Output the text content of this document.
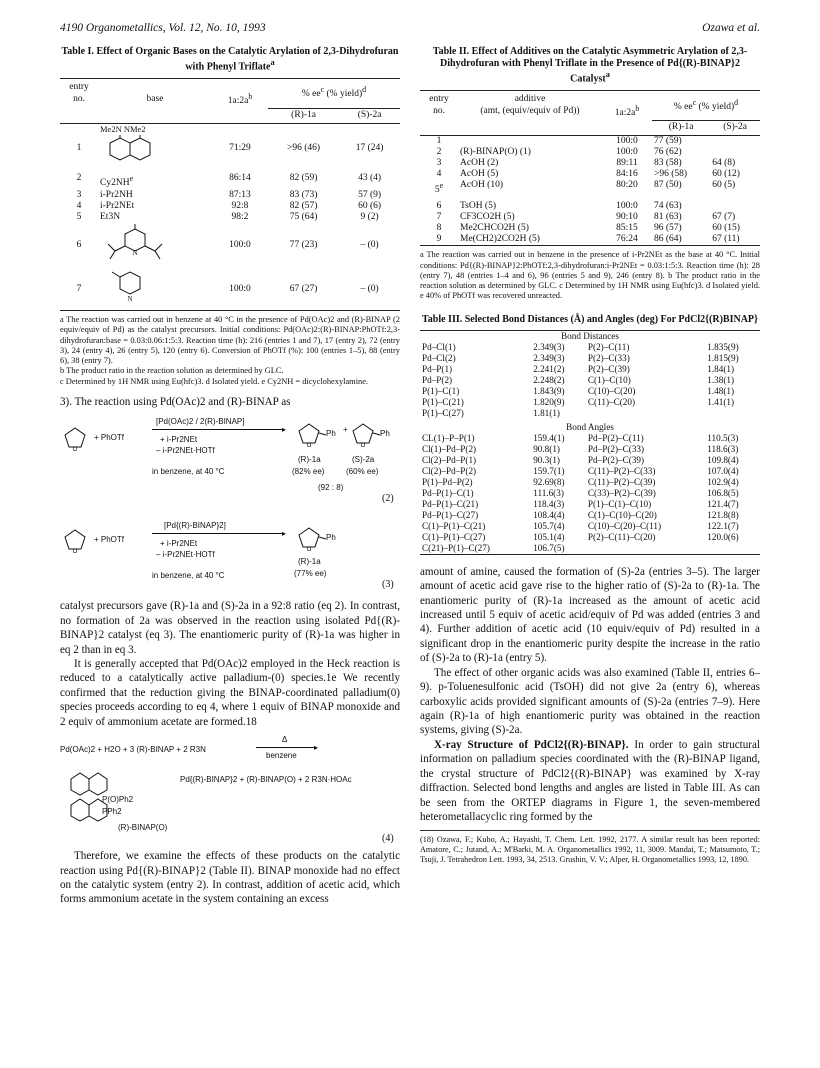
4190 Organometallics, Vol. 12, No. 10, 1993	Ozawa et al.
Table I. Effect of Organic Bases on the Catalytic Arylation of 2,3-Dihydrofuran with Phenyl Triflate$^a$
entry
no.	base	$1a:2a^b$	% $ee^c$ (% yield)$^d$
			(R)-1a	(S)-2a
1	Me2N NMe2	71:29	>96 (46)	17 (24)
2	$Cy2NH^e$	86:14	82 (59)	43 (4)
3	i-Pr2NH	87:13	83 (73)	57 (9)
4	i-Pr2NEt	92:8	82 (57)	60 (6)
5	Et3N	98:2	75 (64)	9 (2)
6	N	100:0	77 (23)	– (0)
7	N	100:0	67 (27)	– (0)
a The reaction was carried out in benzene at 40 °C in the presence of Pd(OAc)2 and (R)-BINAP (2 equiv/equiv of Pd) as the catalyst precursors. Initial conditions: Pd(OAc)2:(R)-BINAP:PhOTf:2,3-dihydrofuran:base = 0.03:0.06:1:5:3. Reaction time (h): 216 (entries 1 and 7), 17 (entry 2), 72 (entry 3), 24 (entry 4), 26 (entry 5), 120 (entry 6). Conversion of PhOTf (%): 100 (entries 1–5), 88 (entry 6), 38 (entry 7).
b The product ratio in the reaction solution as determined by GLC.
c Determined by 1H NMR using Eu(hfc)3. d Isolated yield. e Cy2NH = dicyclohexylamine.

3). The reaction using Pd(OAc)2 and (R)-BINAP as

O
+ PhOTf
[Pd(OAc)2 / 2(R)-BINAP]
▸
+ i-Pr2NEt
– i-Pr2NEt·HOTf
in benzene, at 40 °C
O
Ph +
O
Ph
(R)-1a	(S)-2a
(82% ee)	(60% ee)
(92 : 8)
(2)
O
+ PhOTf
[Pd{(R)-BINAP}2]
▸
+ i-Pr2NEt
– i-Pr2NEt·HOTf
in benzene, at 40 °C
O
Ph
(R)-1a
(77% ee)
(3)

catalyst precursors gave (R)-1a and (S)-2a in a 92:8 ratio (eq 2). In contrast, no formation of 2a was observed in the reaction using isolated Pd{(R)-BINAP}2 catalyst (eq 3). The enantiomeric purity of (R)-1a was higher in eq 2 than in eq 3.

It is generally accepted that Pd(OAc)2 employed in the Heck reaction is reduced to a catalytically active palladium-(0) species.1e We recently confirmed that the reduction giving the BINAP-coordinated palladium(0) species proceeds according to eq 4, where 1 equiv of BINAP monoxide and 2 equiv of ammonium acetate are formed.18

Pd(OAc)2 + H2O + 3 (R)-BINAP + 2 R3N
Δ
▸
benzene
P(O)Ph2
PPh2
(R)-BINAP(O)
Pd{(R)-BINAP}2 + (R)-BINAP(O) + 2 R3N·HOAc
(4)

Therefore, we examine the effects of these products on the catalytic reaction using Pd{(R)-BINAP}2 (Table II). BINAP monoxide had no effect on the catalytic system (entry 2). In contrast, addition of acetic acid, which forms ammonium acetate in the system containing an excess

Table II. Effect of Additives on the Catalytic Asymmetric Arylation of 2,3-Dihydrofuran with Phenyl Triflate in the Presence of Pd{(R)-BINAP}2 Catalyst$^a$
entry
no.	additive
(amt, (equiv/equiv of Pd))	$1a:2a^b$	% $ee^c$ (% yield)$^d$
			(R)-1a	(S)-2a
1		100:0	77 (59)	
2	(R)-BINAP(O) (1)	100:0	76 (62)	
3	AcOH (2)	89:11	83 (58)	64 (8)
4	AcOH (5)	84:16	>96 (58)	60 (12)
5e	AcOH (10)	80:20	87 (50)	60 (5)
6	TsOH (5)	100:0	74 (63)	
7	CF3CO2H (5)	90:10	81 (63)	67 (7)
8	Me2CHCO2H (5)	85:15	96 (57)	60 (15)
9	Me(CH2)2CO2H (5)	76:24	86 (64)	67 (11)
a The reaction was carried out in benzene in the presence of i-Pr2NEt as the base at 40 °C. Initial conditions: Pd{(R)-BINAP}2:PhOTf:2,3-dihydrofuran:i-Pr2NEt = 0.03:1:5:3. Reaction time (h): 28 (entry 7), 48 (entries 1–4 and 6), 96 (entries 5 and 9), 246 (entry 8). b The product ratio in the reaction solution as determined by GLC. c Determined by 1H NMR using Eu(hfc)3. d Isolated yield. e 40% of PhOTf was recovered unreacted.
Table III. Selected Bond Distances (Å) and Angles (deg) For PdCl2{(R)BINAP}
Bond Distances			
Pd–Cl(1)	2.349(3)	P(2)–C(11)	1.835(9)
Pd–Cl(2)	2.349(3)	P(2)–C(33)	1.815(9)
Pd–P(1)	2.241(2)	P(2)–C(39)	1.84(1)
Pd–P(2)	2.248(2)	C(1)–C(10)	1.38(1)
P(1)–C(1)	1.843(9)	C(10)–C(20)	1.48(1)
P(1)–C(21)	1.820(9)	C(11)–C(20)	1.41(1)
P(1)–C(27)	1.81(1)		
Bond Angles			
CL(1)–P–P(1)	159.4(1)	Pd–P(2)–C(11)	110.5(3)
Cl(1)–Pd–P(2)	90.8(1)	Pd–P(2)–C(33)	118.6(3)
Cl(2)–Pd–P(1)	90.3(1)	Pd–P(2)–C(39)	109.8(4)
Cl(2)–Pd–P(2)	159.7(1)	C(11)–P(2)–C(33)	107.0(4)
P(1)–Pd–P(2)	92.69(8)	C(11)–P(2)–C(39)	102.9(4)
Pd–P(1)–C(1)	111.6(3)	C(33)–P(2)–C(39)	106.8(5)
Pd–P(1)–C(21)	118.4(3)	P(1)–C(1)–C(10)	121.4(7)
Pd–P(1)–C(27)	108.4(4)	C(1)–C(10)–C(20)	121.8(8)
C(1)–P(1)–C(21)	105.7(4)	C(10)–C(20)–C(11)	122.1(7)
C(1)–P(1)–C(27)	105.1(4)	P(2)–C(11)–C(20)	120.0(6)
C(21)–P(1)–C(27)	106.7(5)		

amount of amine, caused the formation of (S)-2a (entries 3–5). The larger amount of acetic acid gave rise to the higher ratio of (S)-2a to (R)-1a. The enantiomeric purity of (R)-1a increased as the amount of acetic acid increased until 5 equiv of acetic acid/equiv of Pd was added (entries 3 and 4). Further addition of acetic acid (10 equiv/equiv of Pd) resulted in a significant drop in the enantiomeric purity despite the increase in the ratio of (S)-2a to (R)-1a (entry 5).

The effect of other organic acids was also examined (Table II, entries 6–9). p-Toluenesulfonic acid (TsOH) did not give 2a (entry 6), whereas carboxylic acids provided significant amounts of (S)-2a (entries 7–9). Here again (R)-1a of high enantiomeric purity was obtained in the reaction systems, giving (S)-2a.

X-ray Structure of PdCl2{(R)-BINAP}. In order to gain structural information on palladium species coordinated with the (R)-BINAP ligand, the crystal structure of PdCl2{(R)-BINAP} was examined by X-ray diffraction. Selected bond lengths and angles are listed in Table III. As can be seen from the ORTEP diagrams in Figure 1, the seven-membered heterometallacyclic ring formed by the

(18) Ozawa, F.; Kubo, A.; Hayashi, T. Chem. Lett. 1992, 2177. A similar result has been reported: Amatore, C.; Jutand, A.; M'Barki, M. A. Organometallics 1992, 11, 3009. Mandai, T.; Matsumoto, T.; Tsuji, J. Tetrahedron Lett. 1993, 34, 2513. Grushin, V. V.; Alper, H. Organometallics 1993, 12, 1890.
